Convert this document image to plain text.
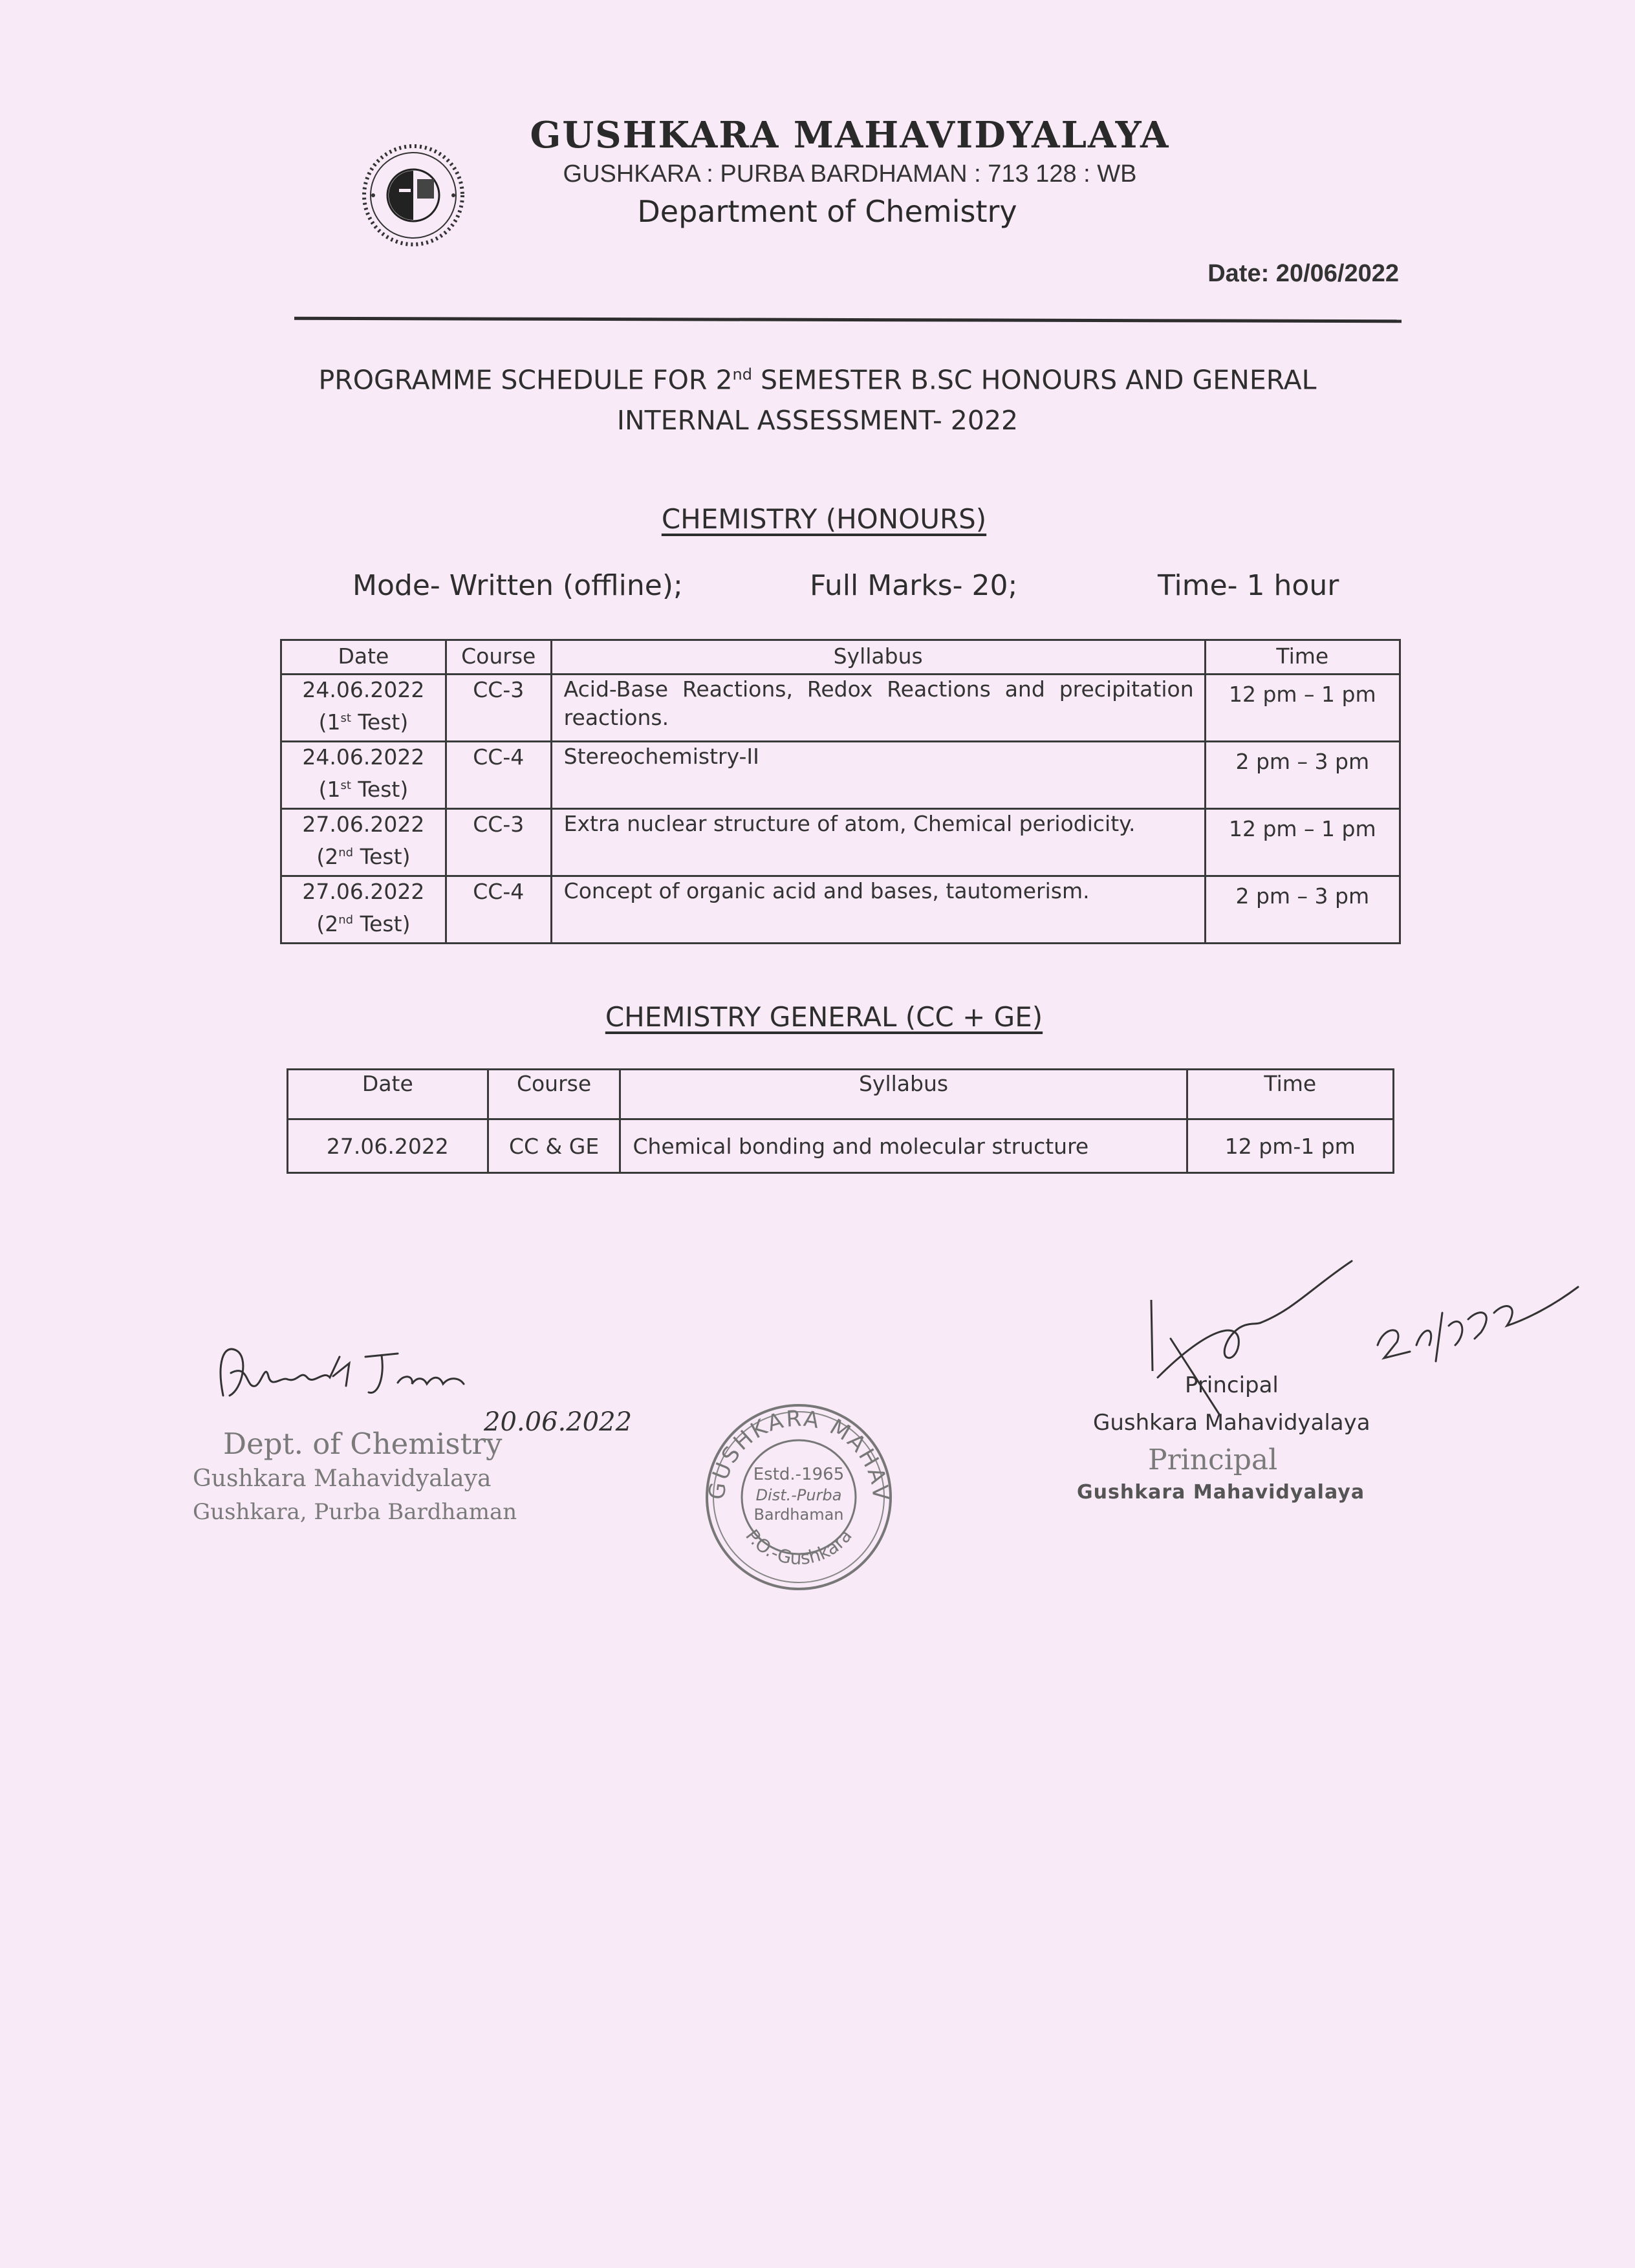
GUSHKARA MAHAVIDYALAYA
GUSHKARA : PURBA BARDHAMAN : 713 128 : WB
Department of Chemistry
Date: 20/06/2022
PROGRAMME SCHEDULE FOR 2nd SEMESTER B.SC HONOURS AND GENERAL
INTERNAL ASSESSMENT- 2022
CHEMISTRY (HONOURS)
Mode- Written (offline);	Full Marks- 20;	Time- 1 hour
Date	Course	Syllabus	Time

24.06.2022
(1st Test)	CC-3	Acid-Base Reactions, Redox Reactions and precipitation reactions.	12 pm – 1 pm

24.06.2022
(1st Test)	CC-4	Stereochemistry-II	2 pm – 3 pm

27.06.2022
(2nd Test)	CC-3	Extra nuclear structure of atom, Chemical periodicity.	12 pm – 1 pm

27.06.2022
(2nd Test)	CC-4	Concept of organic acid and bases, tautomerism.	2 pm – 3 pm
CHEMISTRY GENERAL (CC + GE)
Date	Course	Syllabus	Time
27.06.2022	CC & GE	Chemical bonding and molecular structure	12 pm-1 pm
20.06.2022
Dept. of Chemistry
Gushkara Mahavidyalaya
Gushkara, Purba Bardhaman
GUSHKARA MAHAV
P.O.-Gushkara
Estd.-1965
Dist.-Purba
Bardhaman
Principal
Gushkara Mahavidyalaya
Principal
Gushkara Mahavidyalaya
